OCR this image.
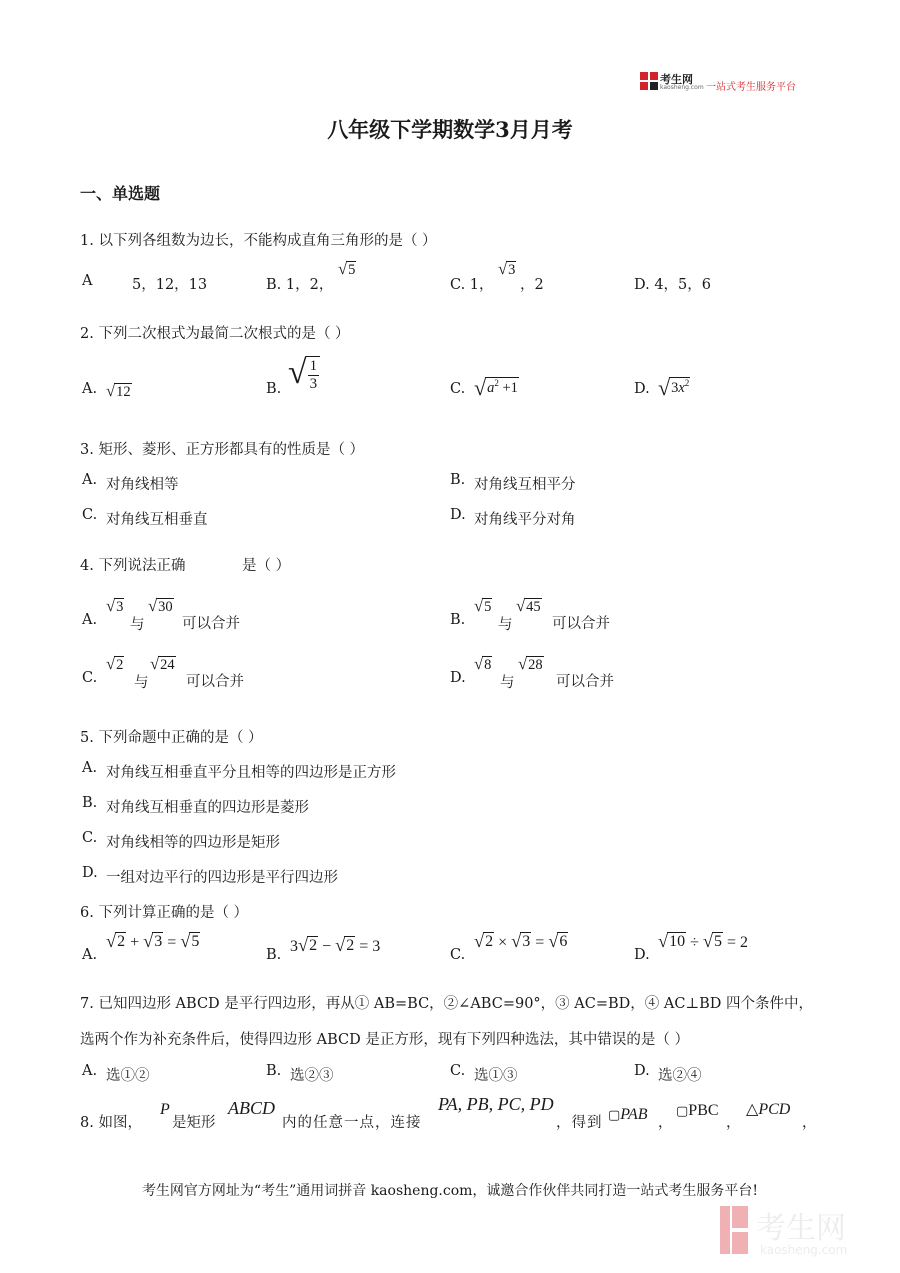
考生网
kaosheng.com 一站式考生服务平台
八年级下学期数学3月月考
一、单选题
1. 以下列各组数为边长，不能构成直角三角形的是（ ）
A	5，12，13	B. 1，2，
√ 5
C. 1，
√ 3
，2	D. 4，5，6
2. 下列二次根式为最简二次根式的是（ ）
A. √ 12	B. √ $\frac{1}{3}$	C. √ $a^2 +1$	D. √ $3x^2$
3. 矩形、菱形、正方形都具有的性质是（ ）
A. 对角线相等	B. 对角线互相平分
C. 对角线互相垂直	D. 对角线平分对角
4. 下列说法正确	是（ ）
A.
√ 3
与
√ 30
可以合并	B.
√ 5
与
√ 45
可以合并
C.
√ 2
与
√ 24
可以合并	D.
√ 8
与
√ 28
可以合并
5. 下列命题中正确的是（ ）
A. 对角线互相垂直平分且相等的四边形是正方形
B. 对角线互相垂直的四边形是菱形
C. 对角线相等的四边形是矩形
D. 一组对边平行的四边形是平行四边形
6. 下列计算正确的是（ ）
A.
√ 2 + √ 3 = √ 5
B. 3 √ 2 − √ 2 = 3	C.
√ 2 × √ 3 = √ 6
D.
√ 10 ÷ √ 5 = 2
7. 已知四边形 ABCD 是平行四边形，再从① AB=BC，②∠ABC=90°，③ AC=BD，④ AC⊥BD 四个条件中，
选两个作为补充条件后，使得四边形 ABCD 是正方形，现有下列四种选法，其中错误的是（ ）
A. 选①②	B. 选②③	C. 选①③	D. 选②④
8. 如图，
P
是矩形
ABCD
内的任意一点，连接
PA, PB, PC, PD
，得到 ▢PAB ，
▢PBC
，
△PCD
，
考生网官方网址为“考生”通用词拼音 kaosheng.com，诚邀合作伙伴共同打造一站式考生服务平台!
考生网
kaosheng.com
